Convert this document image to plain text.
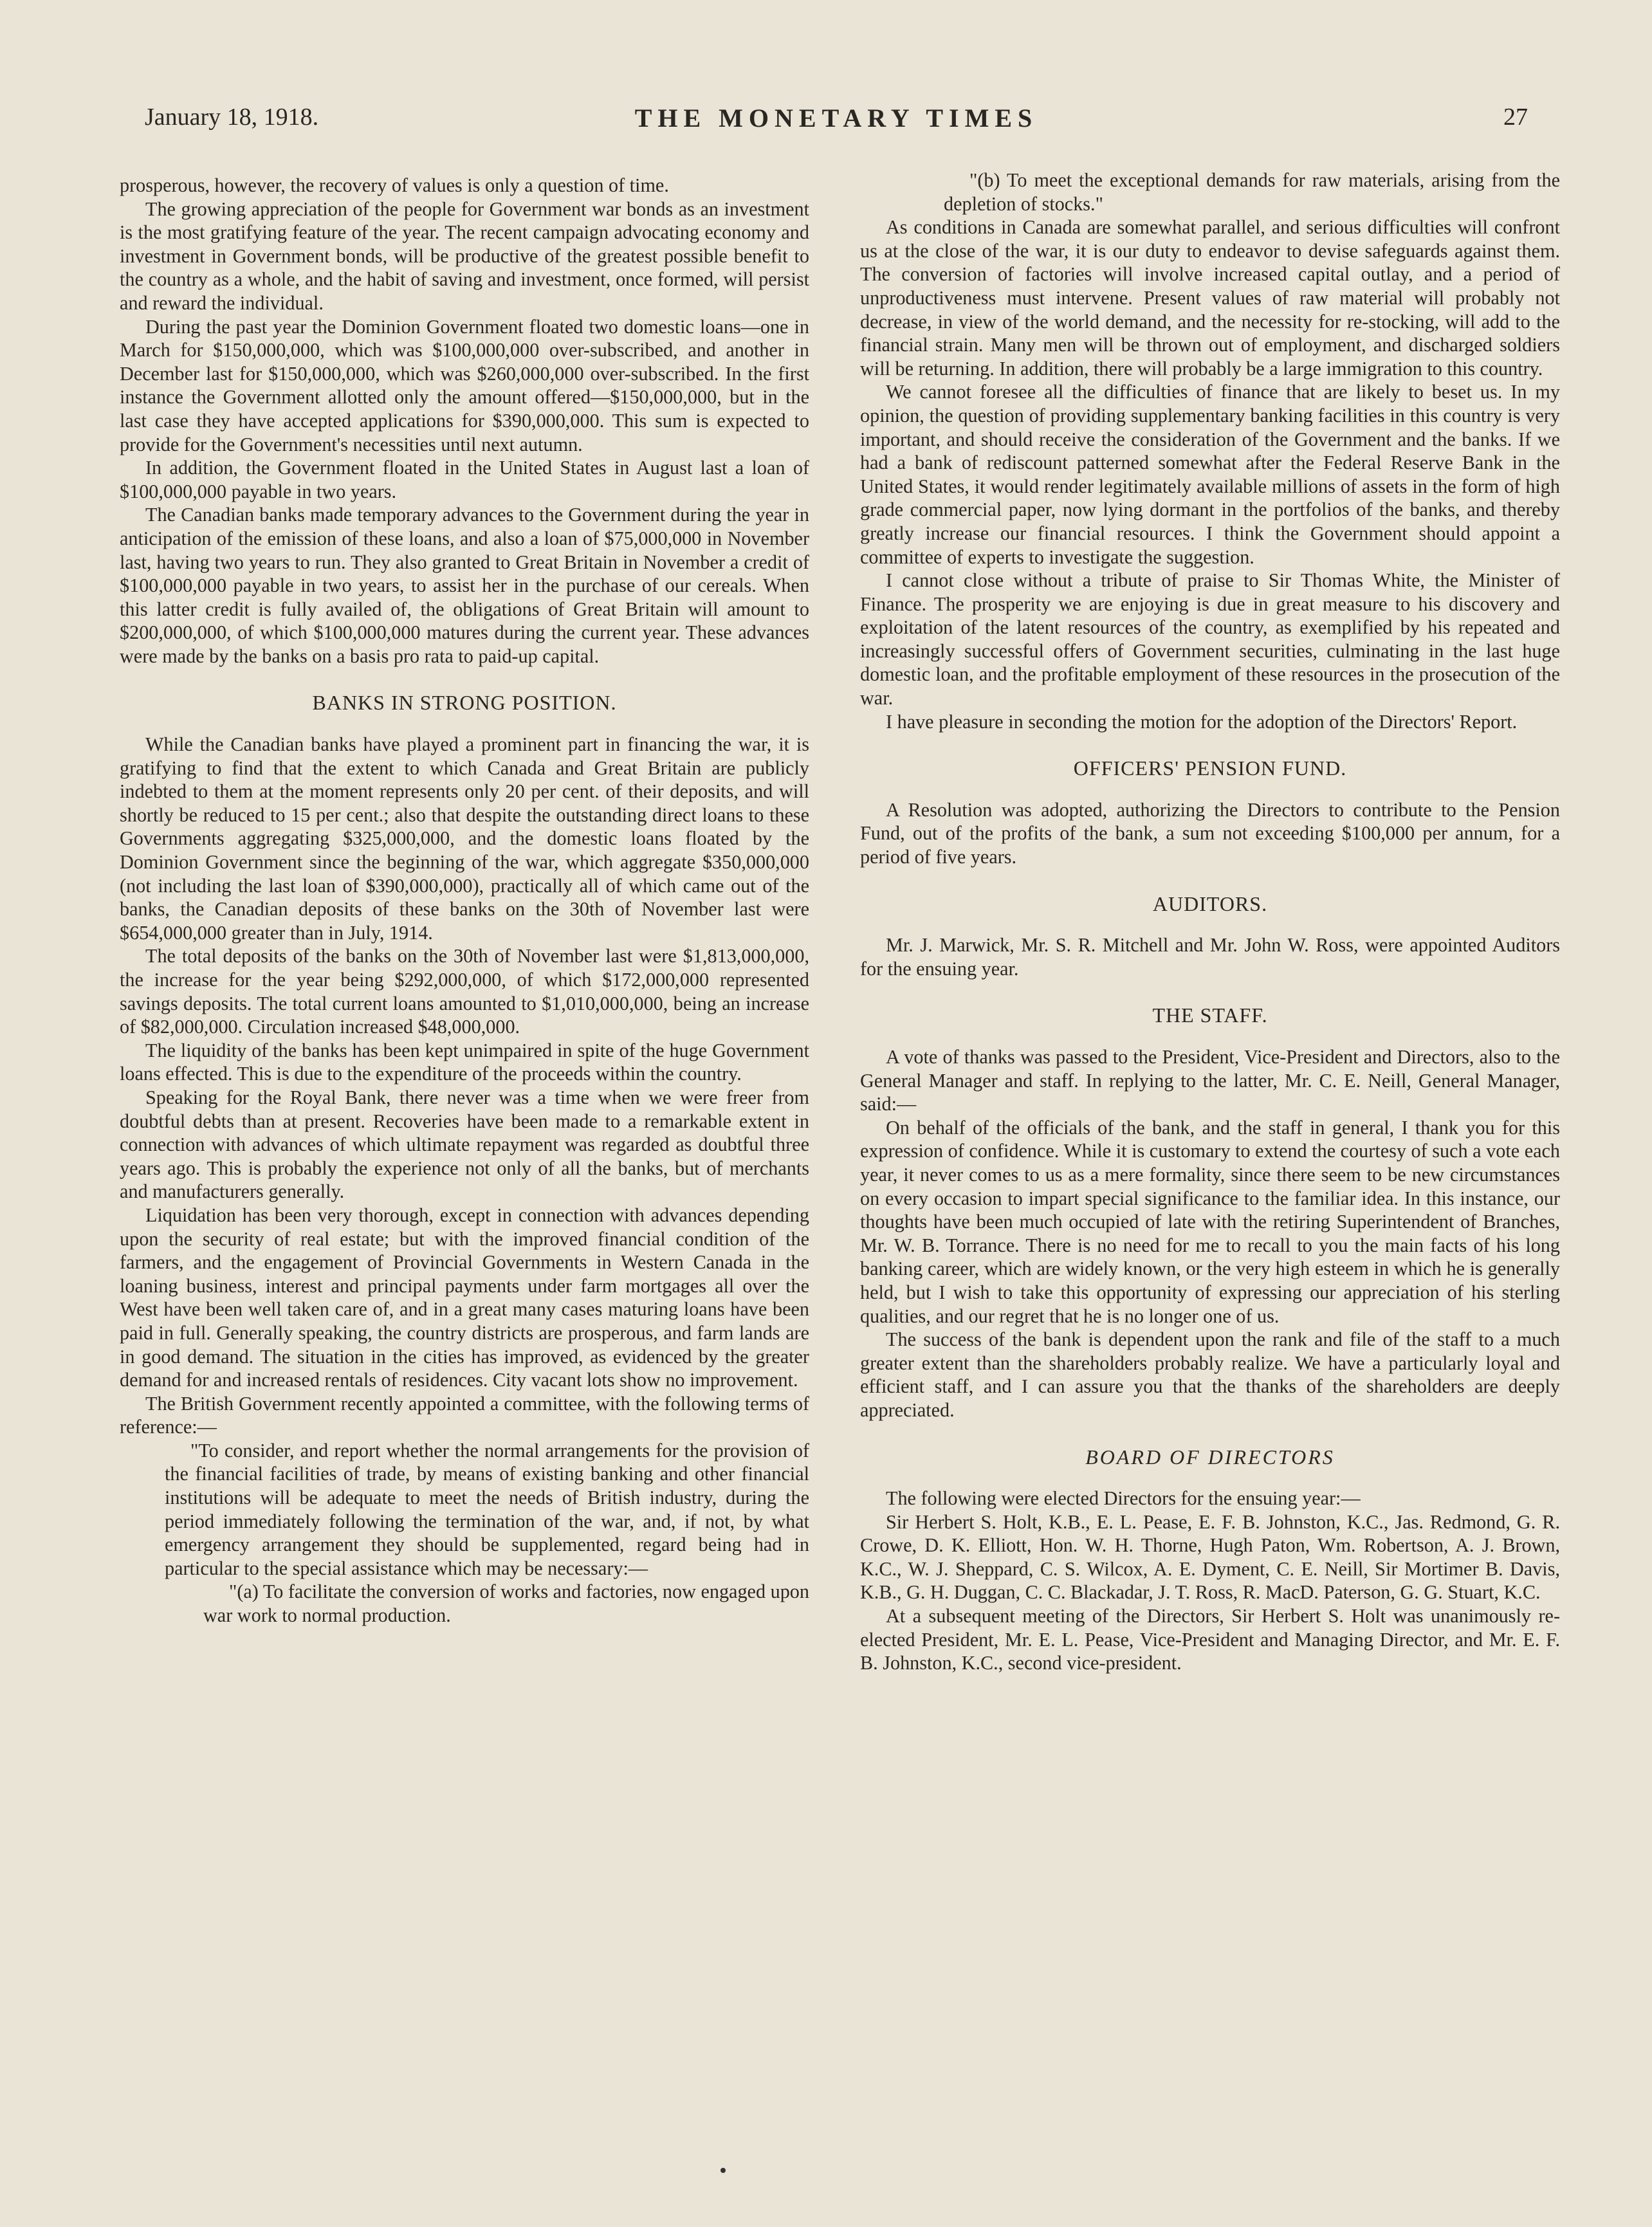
January 18, 1918.	THE MONETARY TIMES	27

prosperous, however, the recovery of values is only a question of time.

The growing appreciation of the people for Government war bonds as an investment is the most gratifying feature of the year. The recent campaign advocating economy and investment in Government bonds, will be productive of the greatest possible benefit to the country as a whole, and the habit of saving and investment, once formed, will persist and reward the individual.

During the past year the Dominion Government floated two domestic loans—one in March for $150,000,000, which was $100,000,000 over-subscribed, and another in December last for $150,000,000, which was $260,000,000 over-subscribed. In the first instance the Government allotted only the amount offered—$150,000,000, but in the last case they have accepted applications for $390,000,000. This sum is expected to provide for the Government's necessities until next autumn.

In addition, the Government floated in the United States in August last a loan of $100,000,000 payable in two years.

The Canadian banks made temporary advances to the Government during the year in anticipation of the emission of these loans, and also a loan of $75,000,000 in November last, having two years to run. They also granted to Great Britain in November a credit of $100,000,000 payable in two years, to assist her in the purchase of our cereals. When this latter credit is fully availed of, the obligations of Great Britain will amount to $200,000,000, of which $100,000,000 matures during the current year. These advances were made by the banks on a basis pro rata to paid-up capital.

BANKS IN STRONG POSITION.

While the Canadian banks have played a prominent part in financing the war, it is gratifying to find that the extent to which Canada and Great Britain are publicly indebted to them at the moment represents only 20 per cent. of their deposits, and will shortly be reduced to 15 per cent.; also that despite the outstanding direct loans to these Governments aggregating $325,000,000, and the domestic loans floated by the Dominion Government since the beginning of the war, which aggregate $350,000,000 (not including the last loan of $390,000,000), practically all of which came out of the banks, the Canadian deposits of these banks on the 30th of November last were $654,000,000 greater than in July, 1914.

The total deposits of the banks on the 30th of November last were $1,813,000,000, the increase for the year being $292,000,000, of which $172,000,000 represented savings deposits. The total current loans amounted to $1,010,000,000, being an increase of $82,000,000. Circulation increased $48,000,000.

The liquidity of the banks has been kept unimpaired in spite of the huge Government loans effected. This is due to the expenditure of the proceeds within the country.

Speaking for the Royal Bank, there never was a time when we were freer from doubtful debts than at present. Recoveries have been made to a remarkable extent in connection with advances of which ultimate repayment was regarded as doubtful three years ago. This is probably the experience not only of all the banks, but of merchants and manufacturers generally.

Liquidation has been very thorough, except in connection with advances depending upon the security of real estate; but with the improved financial condition of the farmers, and the engagement of Provincial Governments in Western Canada in the loaning business, interest and principal payments under farm mortgages all over the West have been well taken care of, and in a great many cases maturing loans have been paid in full. Generally speaking, the country districts are prosperous, and farm lands are in good demand. The situation in the cities has improved, as evidenced by the greater demand for and increased rentals of residences. City vacant lots show no improvement.

The British Government recently appointed a committee, with the following terms of reference:—

"To consider, and report whether the normal arrangements for the provision of the financial facilities of trade, by means of existing banking and other financial institutions will be adequate to meet the needs of British industry, during the period immediately following the termination of the war, and, if not, by what emergency arrangement they should be supplemented, regard being had in particular to the special assistance which may be necessary:—

"(a) To facilitate the conversion of works and factories, now engaged upon war work to normal production.

"(b) To meet the exceptional demands for raw materials, arising from the depletion of stocks."

As conditions in Canada are somewhat parallel, and serious difficulties will confront us at the close of the war, it is our duty to endeavor to devise safeguards against them. The conversion of factories will involve increased capital outlay, and a period of unproductiveness must intervene. Present values of raw material will probably not decrease, in view of the world demand, and the necessity for re-stocking, will add to the financial strain. Many men will be thrown out of employment, and discharged soldiers will be returning. In addition, there will probably be a large immigration to this country.

We cannot foresee all the difficulties of finance that are likely to beset us. In my opinion, the question of providing supplementary banking facilities in this country is very important, and should receive the consideration of the Government and the banks. If we had a bank of rediscount patterned somewhat after the Federal Reserve Bank in the United States, it would render legitimately available millions of assets in the form of high grade commercial paper, now lying dormant in the portfolios of the banks, and thereby greatly increase our financial resources. I think the Government should appoint a committee of experts to investigate the suggestion.

I cannot close without a tribute of praise to Sir Thomas White, the Minister of Finance. The prosperity we are enjoying is due in great measure to his discovery and exploitation of the latent resources of the country, as exemplified by his repeated and increasingly successful offers of Government securities, culminating in the last huge domestic loan, and the profitable employment of these resources in the prosecution of the war.

I have pleasure in seconding the motion for the adoption of the Directors' Report.

OFFICERS' PENSION FUND.

A Resolution was adopted, authorizing the Directors to contribute to the Pension Fund, out of the profits of the bank, a sum not exceeding $100,000 per annum, for a period of five years.

AUDITORS.

Mr. J. Marwick, Mr. S. R. Mitchell and Mr. John W. Ross, were appointed Auditors for the ensuing year.

THE STAFF.

A vote of thanks was passed to the President, Vice-President and Directors, also to the General Manager and staff. In replying to the latter, Mr. C. E. Neill, General Manager, said:—

On behalf of the officials of the bank, and the staff in general, I thank you for this expression of confidence. While it is customary to extend the courtesy of such a vote each year, it never comes to us as a mere formality, since there seem to be new circumstances on every occasion to impart special significance to the familiar idea. In this instance, our thoughts have been much occupied of late with the retiring Superintendent of Branches, Mr. W. B. Torrance. There is no need for me to recall to you the main facts of his long banking career, which are widely known, or the very high esteem in which he is generally held, but I wish to take this opportunity of expressing our appreciation of his sterling qualities, and our regret that he is no longer one of us.

The success of the bank is dependent upon the rank and file of the staff to a much greater extent than the shareholders probably realize. We have a particularly loyal and efficient staff, and I can assure you that the thanks of the shareholders are deeply appreciated.

BOARD OF DIRECTORS

The following were elected Directors for the ensuing year:—

Sir Herbert S. Holt, K.B., E. L. Pease, E. F. B. Johnston, K.C., Jas. Redmond, G. R. Crowe, D. K. Elliott, Hon. W. H. Thorne, Hugh Paton, Wm. Robertson, A. J. Brown, K.C., W. J. Sheppard, C. S. Wilcox, A. E. Dyment, C. E. Neill, Sir Mortimer B. Davis, K.B., G. H. Duggan, C. C. Blackadar, J. T. Ross, R. MacD. Paterson, G. G. Stuart, K.C.

At a subsequent meeting of the Directors, Sir Herbert S. Holt was unanimously re-elected President, Mr. E. L. Pease, Vice-President and Managing Director, and Mr. E. F. B. Johnston, K.C., second vice-president.
